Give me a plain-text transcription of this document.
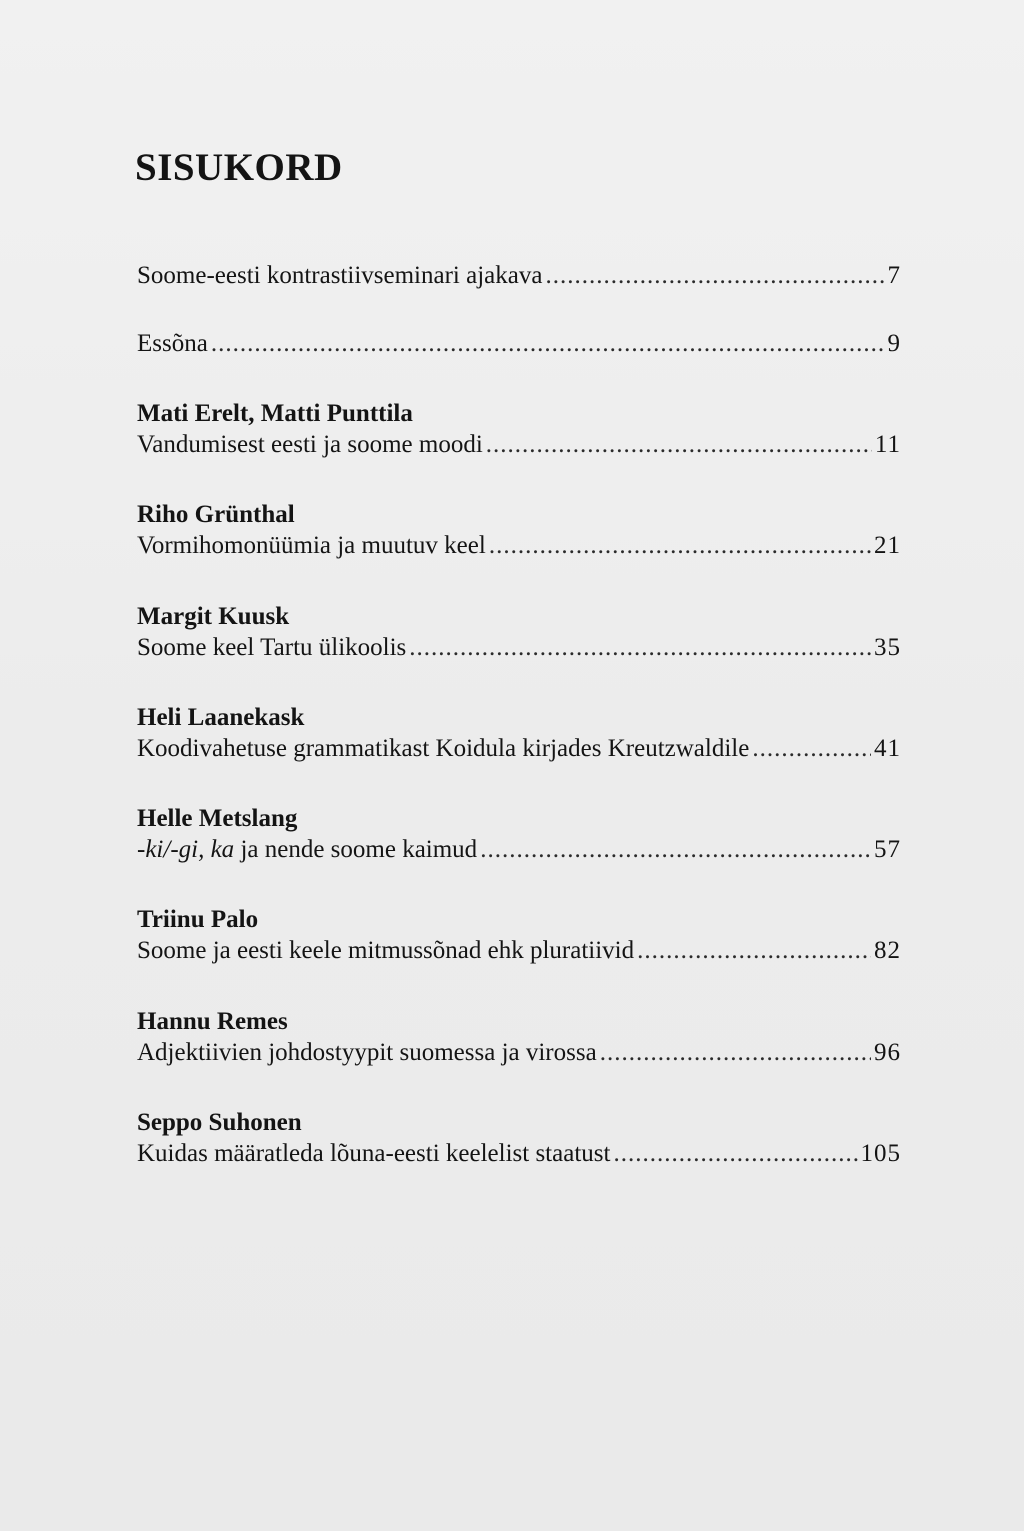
SISUKORD
Soome-eesti kontrastiivseminari ajakava .....	7
Essõna .....	9
Mati Erelt, Matti Punttila
Vandumisest eesti ja soome moodi .....	11
Riho Grünthal
Vormihomonüümia ja muutuv keel .....	21
Margit Kuusk
Soome keel Tartu ülikoolis .....	35
Heli Laanekask
Koodivahetuse grammatikast Koidula kirjades Kreutzwaldile .....	41
Helle Metslang
-ki/-gi, ka ja nende soome kaimud .....	57
Triinu Palo
Soome ja eesti keele mitmussõnad ehk pluratiivid .....	82
Hannu Remes
Adjektiivien johdostyypit suomessa ja virossa .....	96
Seppo Suhonen
Kuidas määratleda lõuna-eesti keelelist staatust .....	105
